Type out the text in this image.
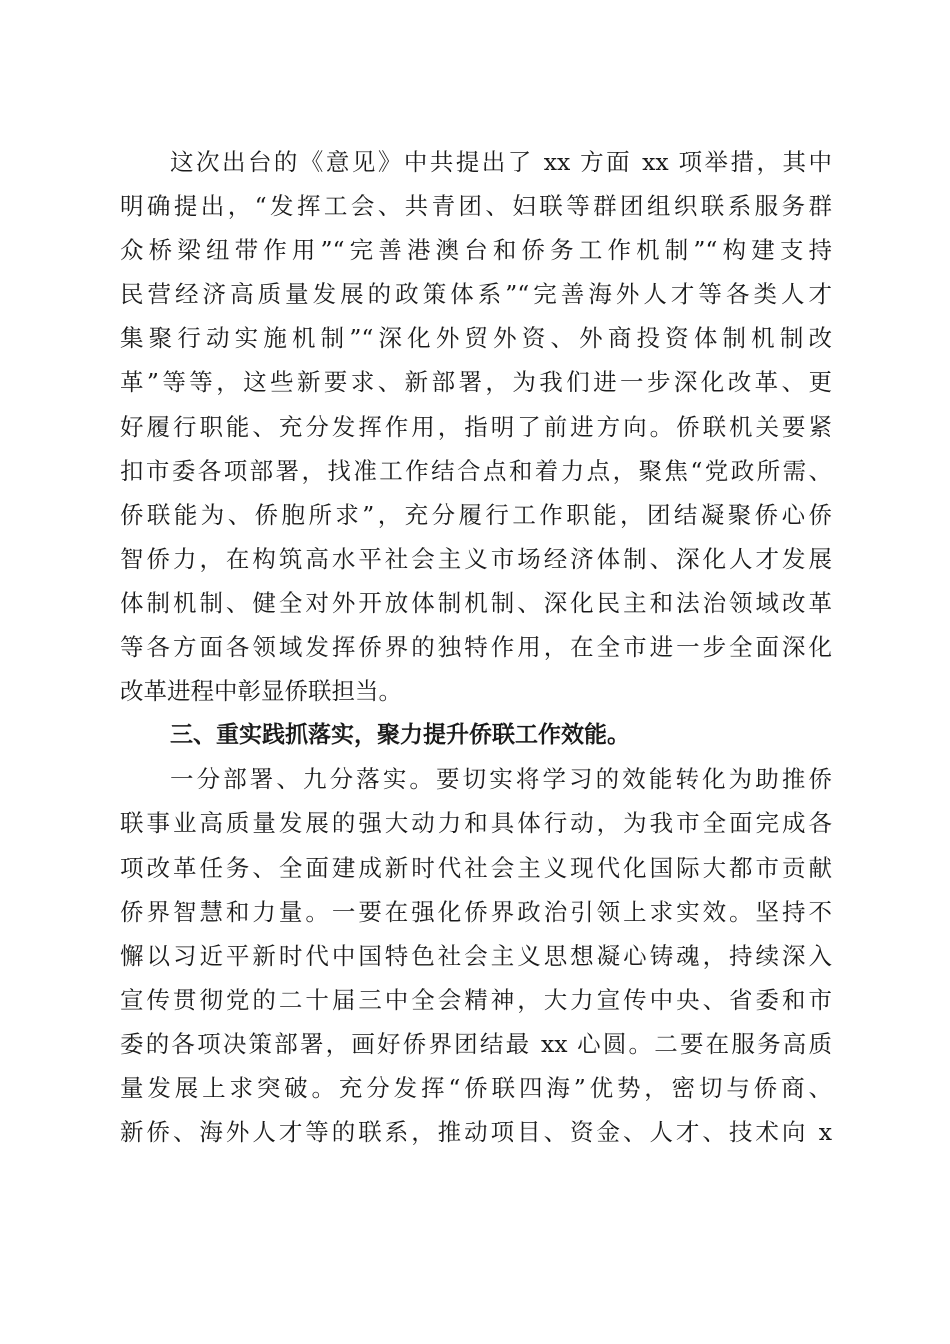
这次出台的《意见》中共提出了 xx 方面 xx 项举措，其中
明确提出，“发挥工会、共青团、妇联等群团组织联系服务群
众桥梁纽带作用”“完善港澳台和侨务工作机制”“构建支持
民营经济高质量发展的政策体系”“完善海外人才等各类人才
集聚行动实施机制”“深化外贸外资、外商投资体制机制改
革”等等，这些新要求、新部署，为我们进一步深化改革、更
好履行职能、充分发挥作用，指明了前进方向。侨联机关要紧
扣市委各项部署，找准工作结合点和着力点，聚焦“党政所需、
侨联能为、侨胞所求”，充分履行工作职能，团结凝聚侨心侨
智侨力，在构筑高水平社会主义市场经济体制、深化人才发展
体制机制、健全对外开放体制机制、深化民主和法治领域改革
等各方面各领域发挥侨界的独特作用，在全市进一步全面深化
改革进程中彰显侨联担当。
三、重实践抓落实，聚力提升侨联工作效能。
一分部署、九分落实。要切实将学习的效能转化为助推侨
联事业高质量发展的强大动力和具体行动，为我市全面完成各
项改革任务、全面建成新时代社会主义现代化国际大都市贡献
侨界智慧和力量。一要在强化侨界政治引领上求实效。坚持不
懈以习近平新时代中国特色社会主义思想凝心铸魂，持续深入
宣传贯彻党的二十届三中全会精神，大力宣传中央、省委和市
委的各项决策部署，画好侨界团结最 xx 心圆。二要在服务高质
量发展上求突破。充分发挥“侨联四海”优势，密切与侨商、
新侨、海外人才等的联系，推动项目、资金、人才、技术向 x
